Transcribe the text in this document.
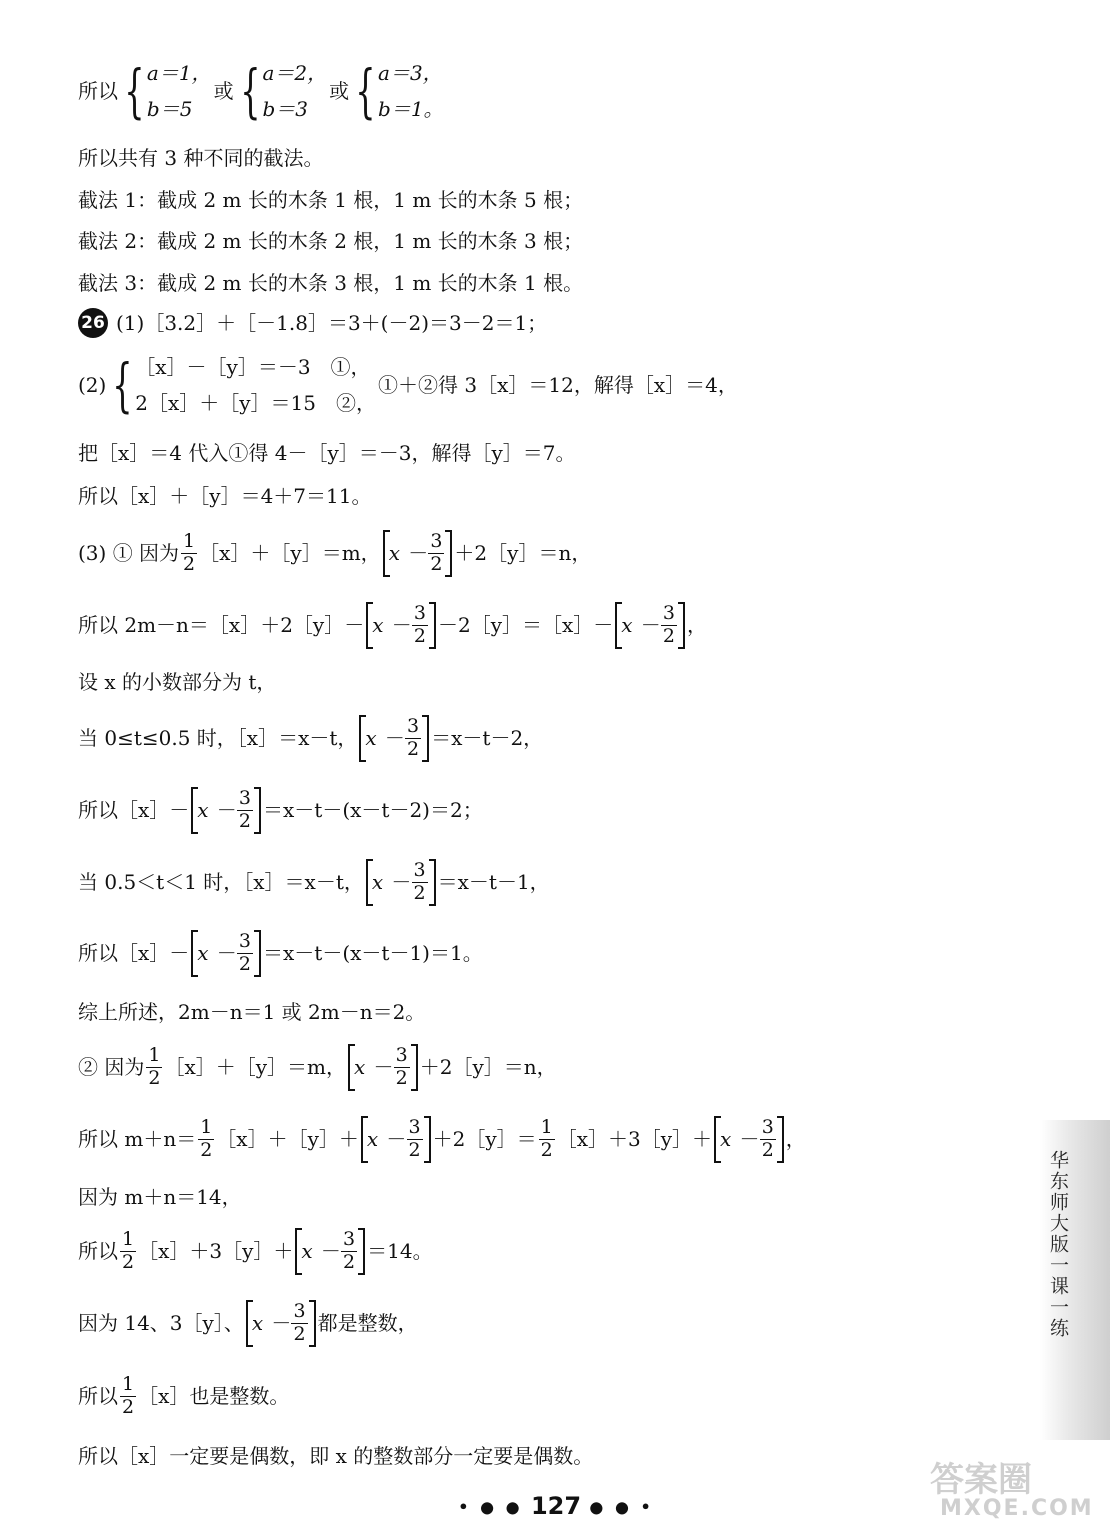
所以 { a＝1，
b＝5
或 { a＝2，
b＝3
或 { a＝3，
b＝1。
所以共有 3 种不同的截法。
截法 1：截成 2 m 长的木条 1 根，1 m 长的木条 5 根；
截法 2：截成 2 m 长的木条 2 根，1 m 长的木条 3 根；
截法 3：截成 2 m 长的木条 3 根，1 m 长的木条 1 根。
26 (1)［3.2］＋［－1.8］＝3＋(－2)＝3－2＝1；
(2) { ［x］－［y］＝－3　①，
2［x］＋［y］＝15　②，
①＋②得 3［x］＝12，解得［x］＝4，
把［x］＝4 代入①得 4－［y］＝－3，解得［y］＝7。
所以［x］＋［y］＝4＋7＝11。
(3) ① 因为 $\frac{1}{2}$ ［x］＋［y］＝m， $x - \frac{3}{2}$ ＋2［y］＝n，
所以 2m－n＝［x］＋2［y］－ $x - \frac{3}{2}$ －2［y］＝［x］－ $x - \frac{3}{2}$ ，
设 x 的小数部分为 t，
当 0≤t≤0.5 时，［x］＝x－t， $x - \frac{3}{2} =x-t-2$，
所以［x］－ $x - \frac{3}{2} =x-t-(x-t-2)=2$；
当 0.5＜t＜1 时，［x］＝x－t， $x - \frac{3}{2} =x-t-1$，
所以［x］－ $x - \frac{3}{2} =x-t-(x-t-1)=1$。
综上所述，2m－n＝1 或 2m－n＝2。
② 因为 $\frac{1}{2}$ ［x］＋［y］＝m， $x - \frac{3}{2}$ ＋2［y］＝n，
所以 $m+n= \frac{1}{2}$ ［x］＋［y］＋ $x - \frac{3}{2}$ ＋2［y］＝ $\frac{1}{2}$ ［x］＋3［y］＋ $x - \frac{3}{2}$ ，
因为 m＋n＝14，
所以 $\frac{1}{2}$ ［x］＋3［y］＋ $x - \frac{3}{2} =14$。
因为 14、3［y］、 $x - \frac{3}{2}$ 都是整数，
所以 $\frac{1}{2}$ ［x］也是整数。
所以［x］一定要是偶数，即 x 的整数部分一定要是偶数。
华东师大版一课一练
答案圈
MXQE.COM
• ● ● 127 ● ● •
